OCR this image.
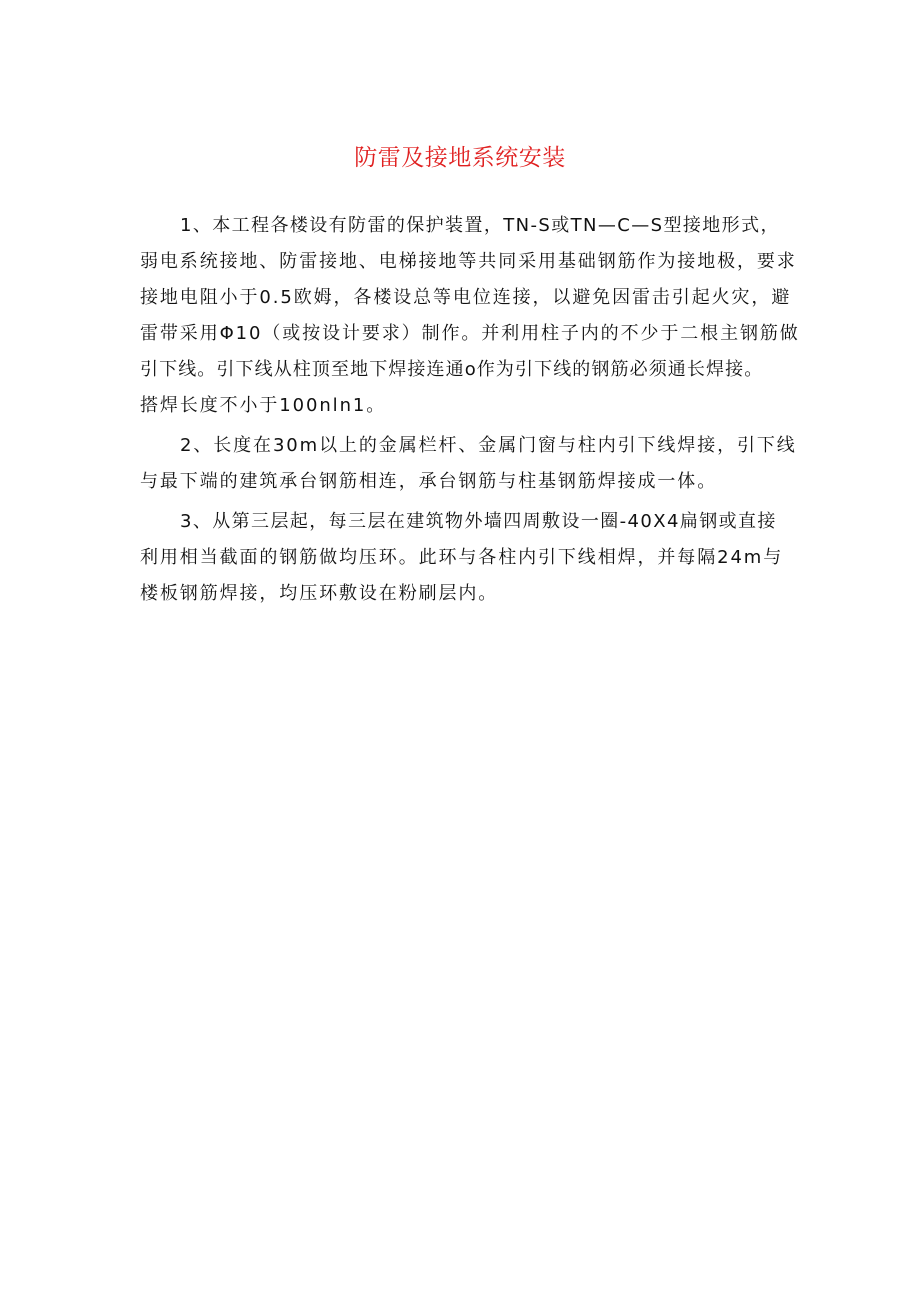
防雷及接地系统安装
1、本工程各楼设有防雷的保护装置，TN-S或TN—C—S型接地形式，
弱电系统接地、防雷接地、电梯接地等共同采用基础钢筋作为接地极，要求
接地电阻小于0.5欧姆，各楼设总等电位连接，以避免因雷击引起火灾，避
雷带采用Φ10（或按设计要求）制作。并利用柱子内的不少于二根主钢筋做
引下线。引下线从柱顶至地下焊接连通o作为引下线的钢筋必须通长焊接。
搭焊长度不小于100nln1。
2、长度在30m以上的金属栏杆、金属门窗与柱内引下线焊接，引下线
与最下端的建筑承台钢筋相连，承台钢筋与柱基钢筋焊接成一体。
3、从第三层起，每三层在建筑物外墙四周敷设一圈-40X4扁钢或直接
利用相当截面的钢筋做均压环。此环与各柱内引下线相焊，并每隔24m与
楼板钢筋焊接，均压环敷设在粉刷层内。
